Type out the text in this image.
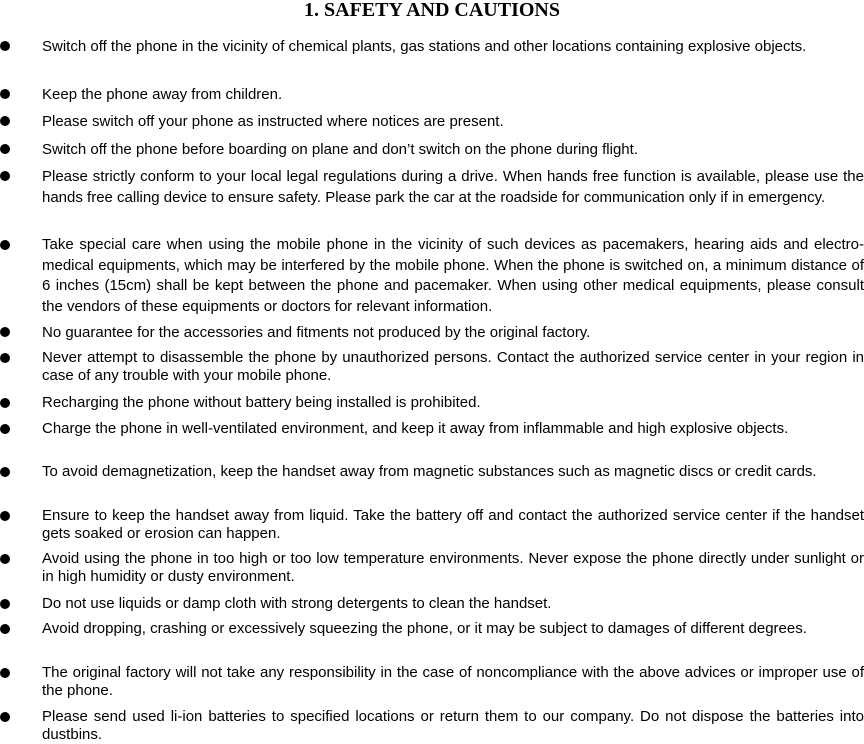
1. SAFETY AND CAUTIONS

Switch off the phone in the vicinity of chemical plants, gas stations and other locations containing explosive objects.

Keep the phone away from children.

Please switch off your phone as instructed where notices are present.

Switch off the phone before boarding on plane and don’t switch on the phone during flight.

Please strictly conform to your local legal regulations during a drive. When hands free function is available, please use the hands free calling device to ensure safety. Please park the car at the roadside for communication only if in emergency.

Take special care when using the mobile phone in the vicinity of such devices as pacemakers, hearing aids and electro-medical equipments, which may be interfered by the mobile phone. When the phone is switched on, a minimum distance of 6 inches (15cm) shall be kept between the phone and pacemaker. When using other medical equipments, please consult the vendors of these equipments or doctors for relevant information.

No guarantee for the accessories and fitments not produced by the original factory.

Never attempt to disassemble the phone by unauthorized persons. Contact the authorized service center in your region in case of any trouble with your mobile phone.

Recharging the phone without battery being installed is prohibited.

Charge the phone in well-ventilated environment, and keep it away from inflammable and high explosive objects.

To avoid demagnetization, keep the handset away from magnetic substances such as magnetic discs or credit cards.

Ensure to keep the handset away from liquid. Take the battery off and contact the authorized service center if the handset gets soaked or erosion can happen.

Avoid using the phone in too high or too low temperature environments. Never expose the phone directly under sunlight or in high humidity or dusty environment.

Do not use liquids or damp cloth with strong detergents to clean the handset.

Avoid dropping, crashing or excessively squeezing the phone, or it may be subject to damages of different degrees.

The original factory will not take any responsibility in the case of noncompliance with the above advices or improper use of the phone.

Please send used li-ion batteries to specified locations or return them to our company. Do not dispose the batteries into dustbins.
